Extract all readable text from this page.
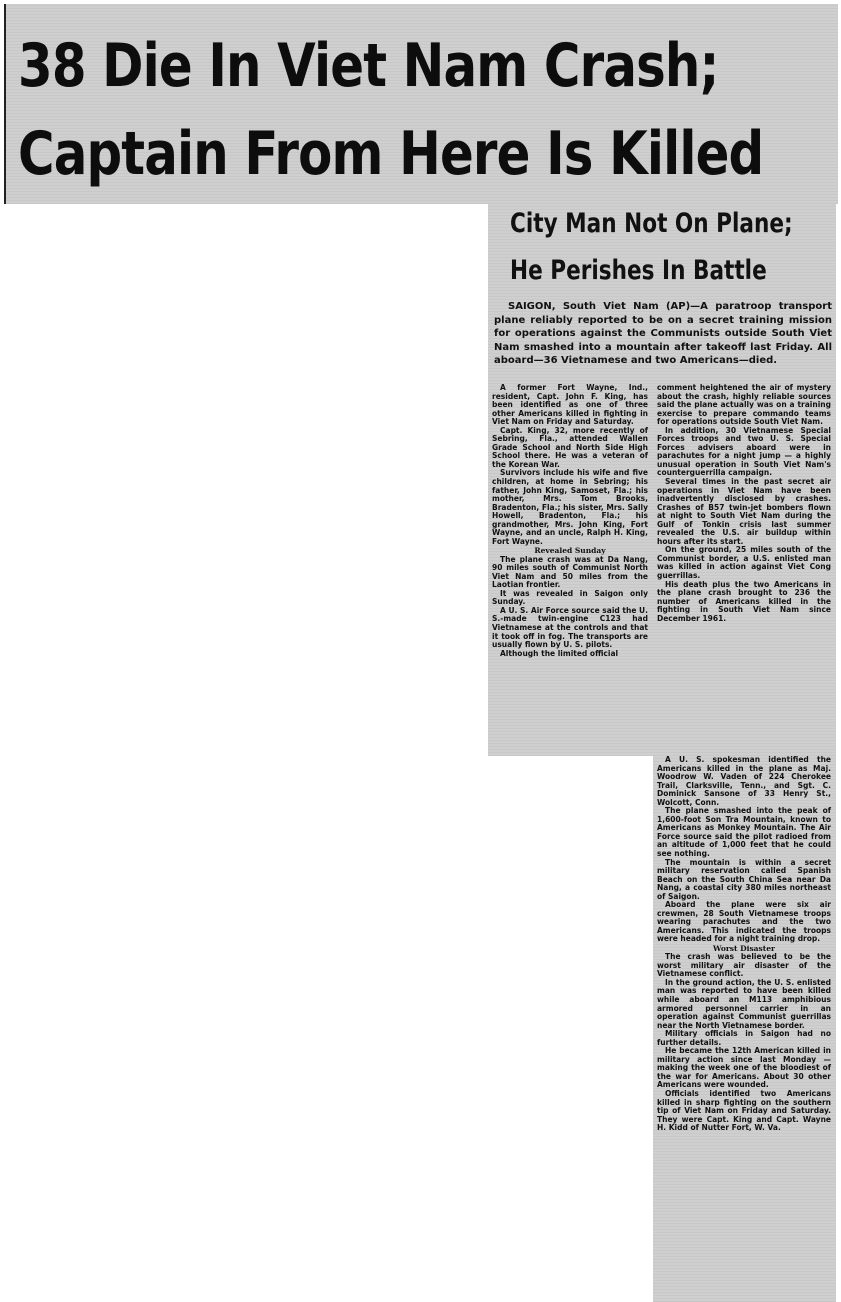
38 Die In Viet Nam Crash;
Captain From Here Is Killed
City Man Not On Plane;
He Perishes In Battle
SAIGON, South Viet Nam (AP)—A paratroop transport plane reliably reported to be on a secret training mission for operations against the Communists outside South Viet Nam smashed into a mountain after takeoff last Friday. All aboard—36 Vietnamese and two Americans—died.

A former Fort Wayne, Ind., resident, Capt. John F. King, has been identified as one of three other Americans killed in fighting in Viet Nam on Friday and Saturday.

Capt. King, 32, more recently of Sebring, Fla., attended Wallen Grade School and North Side High School there. He was a veteran of the Korean War.

Survivors include his wife and five children, at home in Sebring; his father, John King, Samoset, Fla.; his mother, Mrs. Tom Brooks, Bradenton, Fla.; his sister, Mrs. Sally Howell, Bradenton, Fla.; his grandmother, Mrs. John King, Fort Wayne, and an uncle, Ralph H. King, Fort Wayne.

Revealed Sunday

The plane crash was at Da Nang, 90 miles south of Communist North Viet Nam and 50 miles from the Laotian frontier.

It was revealed in Saigon only Sunday.

A U. S. Air Force source said the U. S.-made twin-engine C123 had Vietnamese at the controls and that it took off in fog. The transports are usually flown by U. S. pilots.

Although the limited official

comment heightened the air of mystery about the crash, highly reliable sources said the plane actually was on a training exercise to prepare commando teams for operations outside South Viet Nam.

In addition, 30 Vietnamese Special Forces troops and two U. S. Special Forces advisers aboard were in parachutes for a night jump — a highly unusual operation in South Viet Nam's counterguerrilla campaign.

Several times in the past secret air operations in Viet Nam have been inadvertently disclosed by crashes. Crashes of B57 twin-jet bombers flown at night to South Viet Nam during the Gulf of Tonkin crisis last summer revealed the U.S. air buildup within hours after its start.

On the ground, 25 miles south of the Communist border, a U.S. enlisted man was killed in action against Viet Cong guerrillas.

His death plus the two Americans in the plane crash brought to 236 the number of Americans killed in the fighting in South Viet Nam since December 1961.

A U. S. spokesman identified the Americans killed in the plane as Maj. Woodrow W. Vaden of 224 Cherokee Trail, Clarksville, Tenn., and Sgt. C. Dominick Sansone of 33 Henry St., Wolcott, Conn.

The plane smashed into the peak of 1,600-foot Son Tra Mountain, known to Americans as Monkey Mountain. The Air Force source said the pilot radioed from an altitude of 1,000 feet that he could see nothing.

The mountain is within a secret military reservation called Spanish Beach on the South China Sea near Da Nang, a coastal city 380 miles northeast of Saigon.

Aboard the plane were six air crewmen, 28 South Vietnamese troops wearing parachutes and the two Americans. This indicated the troops were headed for a night training drop.

Worst Disaster

The crash was believed to be the worst military air disaster of the Vietnamese conflict.

In the ground action, the U. S. enlisted man was reported to have been killed while aboard an M113 amphibious armored personnel carrier in an operation against Communist guerrillas near the North Vietnamese border.

Military officials in Saigon had no further details.

He became the 12th American killed in military action since last Monday — making the week one of the bloodiest of the war for Americans. About 30 other Americans were wounded.

Officials identified two Americans killed in sharp fighting on the southern tip of Viet Nam on Friday and Saturday. They were Capt. King and Capt. Wayne H. Kidd of Nutter Fort, W. Va.
